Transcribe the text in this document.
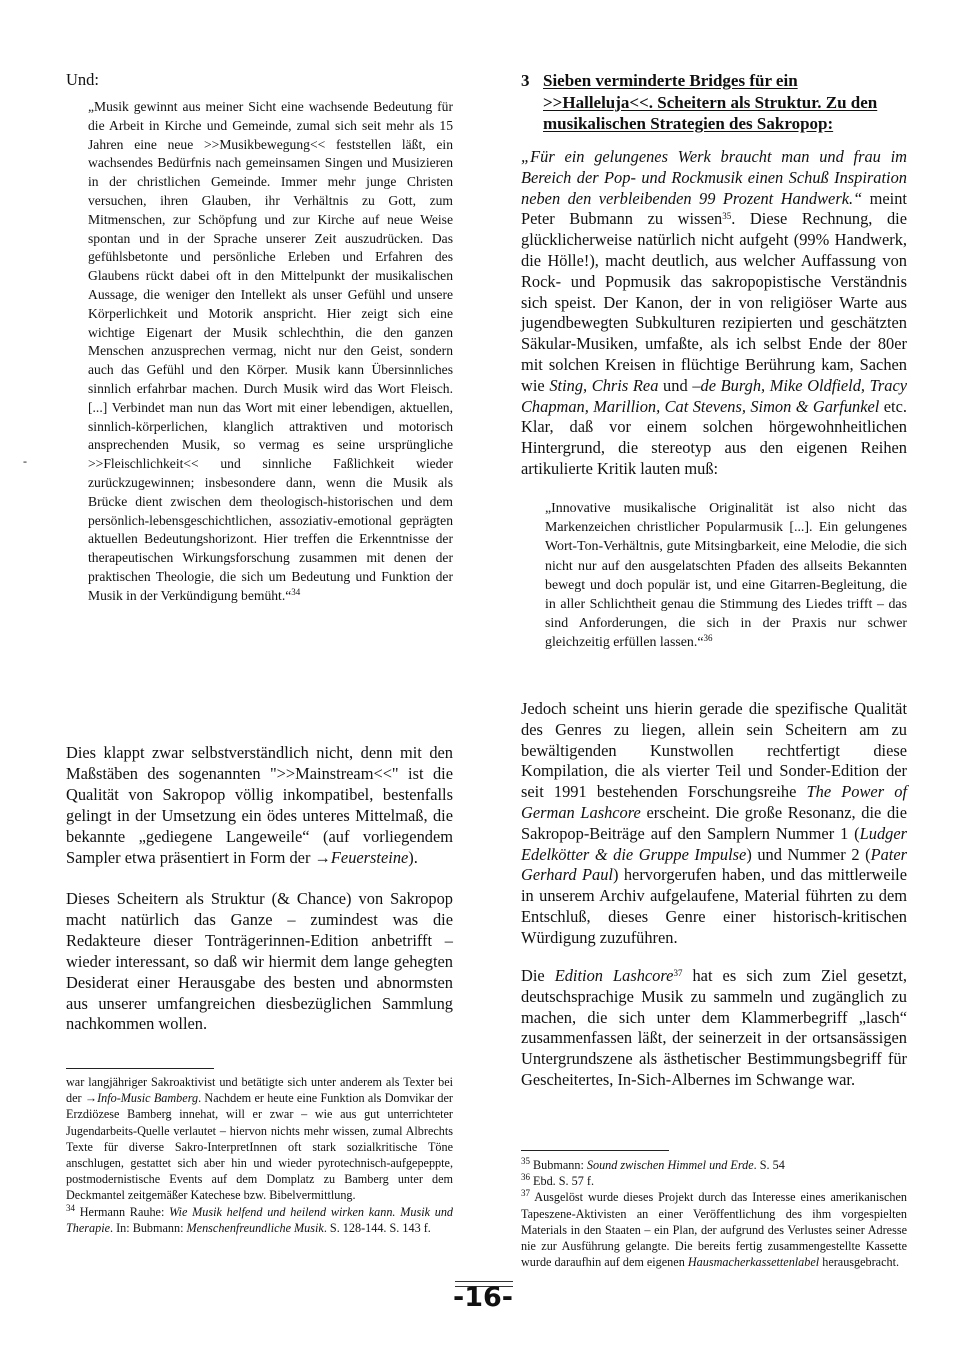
Und:

„Musik gewinnt aus meiner Sicht eine wachsende Bedeutung für die Arbeit in Kirche und Gemeinde, zumal sich seit mehr als 15 Jahren eine neue >>Musikbewegung<< feststellen läßt, ein wachsendes Bedürfnis nach gemeinsamen Singen und Musizieren in der christlichen Gemeinde. Immer mehr junge Christen versuchen, ihren Glauben, ihr Verhältnis zu Gott, zum Mitmenschen, zur Schöpfung und zur Kirche auf neue Weise spontan und in der Sprache unserer Zeit auszudrücken. Das gefühlsbetonte und persönliche Erleben und Erfahren des Glaubens rückt dabei oft in den Mittelpunkt der musikalischen Aussage, die weniger den Intellekt als unser Gefühl und unsere Körperlichkeit und Motorik anspricht. Hier zeigt sich eine wichtige Eigenart der Musik schlechthin, die den ganzen Menschen anzusprechen vermag, nicht nur den Geist, sondern auch das Gefühl und den Körper. Musik kann Übersinnliches sinnlich erfahrbar machen. Durch Musik wird das Wort Fleisch. [...] Verbindet man nun das Wort mit einer lebendigen, aktuellen, sinnlich-körperlichen, klanglich attraktiven und motorisch ansprechenden Musik, so vermag es seine ursprüngliche >>Fleischlichkeit<< und sinnliche Faßlichkeit wieder zurückzugewinnen; insbesondere dann, wenn die Musik als Brücke dient zwischen dem theologisch-historischen und dem persönlich-lebensgeschichtlichen, assoziativ-emotional geprägten aktuellen Bedeutungshorizont. Hier treffen die Erkenntnisse der therapeutischen Wirkungsforschung zusammen mit denen der praktischen Theologie, die sich um Bedeutung und Funktion der Musik in der Verkündigung bemüht.“$^{34}$

Dies klappt zwar selbstverständlich nicht, denn mit den Maßstäben des sogenannten ">>Mainstream<<" ist die Qualität von Sakropop völlig inkompatibel, bestenfalls gelingt in der Umsetzung ein ödes unteres Mittelmaß, die bekannte „gediegene Langeweile“ (auf vorliegendem Sampler etwa präsentiert in Form der →Feuersteine).

Dieses Scheitern als Struktur (& Chance) von Sakropop macht natürlich das Ganze – zumindest was die Redakteure dieser Tonträgerinnen-Edition anbetrifft – wieder interessant, so daß wir hiermit dem lange gehegten Desiderat einer Herausgabe des besten und abnormsten aus unserer umfangreichen diesbezüglichen Sammlung nachkommen wollen.

3 Sieben verminderte Bridges für ein >>Halleluja<<. Scheitern als Struktur. Zu den musikalischen Strategien des Sakropop:

„Für ein gelungenes Werk braucht man und frau im Bereich der Pop- und Rockmusik einen Schuß Inspiration neben den verbleibenden 99 Prozent Handwerk.“ meint Peter Bubmann zu wissen$^{35}$. Diese Rechnung, die glücklicherweise natürlich nicht aufgeht (99% Handwerk, die Hölle!), macht deutlich, aus welcher Auffassung von Rock- und Popmusik das sakropopistische Verständnis sich speist. Der Kanon, der in von religiöser Warte aus jugendbewegten Subkulturen rezipierten und geschätzten Säkular-Musiken, umfaßte, als ich selbst Ende der 80er mit solchen Kreisen in flüchtige Berührung kam, Sachen wie Sting, Chris Rea und –de Burgh, Mike Oldfield, Tracy Chapman, Marillion, Cat Stevens, Simon & Garfunkel etc. Klar, daß vor einem solchen hörgewohnheitlichen Hintergrund, die stereotyp aus den eigenen Reihen artikulierte Kritik lauten muß:

„Innovative musikalische Originalität ist also nicht das Markenzeichen christlicher Popularmusik [...]. Ein gelungenes Wort-Ton-Verhältnis, gute Mitsingbarkeit, eine Melodie, die sich nicht nur auf den ausgelatschten Pfaden des allseits Bekannten bewegt und doch populär ist, und eine Gitarren-Begleitung, die in aller Schlichtheit genau die Stimmung des Liedes trifft – das sind Anforderungen, die sich in der Praxis nur schwer gleichzeitig erfüllen lassen.“$^{36}$

Jedoch scheint uns hierin gerade die spezifische Qualität des Genres zu liegen, allein sein Scheitern am zu bewältigenden Kunstwollen rechtfertigt diese Kompilation, die als vierter Teil und Sonder-Edition der seit 1991 bestehenden Forschungsreihe The Power of German Lashcore erscheint. Die große Resonanz, die die Sakropop-Beiträge auf den Samplern Nummer 1 (Ludger Edelkötter & die Gruppe Impulse) und Nummer 2 (Pater Gerhard Paul) hervorgerufen haben, und das mittlerweile in unserem Archiv aufgelaufene, Material führten zu dem Entschluß, dieses Genre einer historisch-kritischen Würdigung zuzuführen.

Die Edition Lashcore$^{37}$ hat es sich zum Ziel gesetzt, deutschsprachige Musik zu sammeln und zugänglich zu machen, die sich unter dem Klammerbegriff „lasch“ zusammenfassen läßt, der seinerzeit in der ortsansässigen Untergrundszene als ästhetischer Bestimmungsbegriff für Gescheitertes, In-Sich-Albernes im Schwange war.

war langjähriger Sakroaktivist und betätigte sich unter anderem als Texter bei der →Info-Music Bamberg. Nachdem er heute eine Funktion als Domvikar der Erzdiözese Bamberg innehat, will er zwar – wie aus gut unterrichteter Jugendarbeits-Quelle verlautet – hiervon nichts mehr wissen, zumal Albrechts Texte für diverse Sakro-InterpretInnen oft stark sozialkritische Töne anschlugen, gestattet sich aber hin und wieder pyrotechnisch-aufgepeppte, postmodernistische Events auf dem Domplatz zu Bamberg unter dem Deckmantel zeitgemäßer Katechese bzw. Bibelvermittlung.

$^{34}$ Hermann Rauhe: Wie Musik helfend und heilend wirken kann. Musik und Therapie. In: Bubmann: Menschenfreundliche Musik. S. 128-144. S. 143 f.

$^{35}$ Bubmann: Sound zwischen Himmel und Erde. S. 54

$^{36}$ Ebd. S. 57 f.

$^{37}$ Ausgelöst wurde dieses Projekt durch das Interesse eines amerikanischen Tapeszene-Aktivisten an einer Veröffentlichung des ihm vorgespielten Materials in den Staaten – ein Plan, der aufgrund des Verlustes seiner Adresse nie zur Ausführung gelangte. Die bereits fertig zusammengestellte Kassette wurde daraufhin auf dem eigenen Hausmacherkassettenlabel herausgebracht.

-16-
-
